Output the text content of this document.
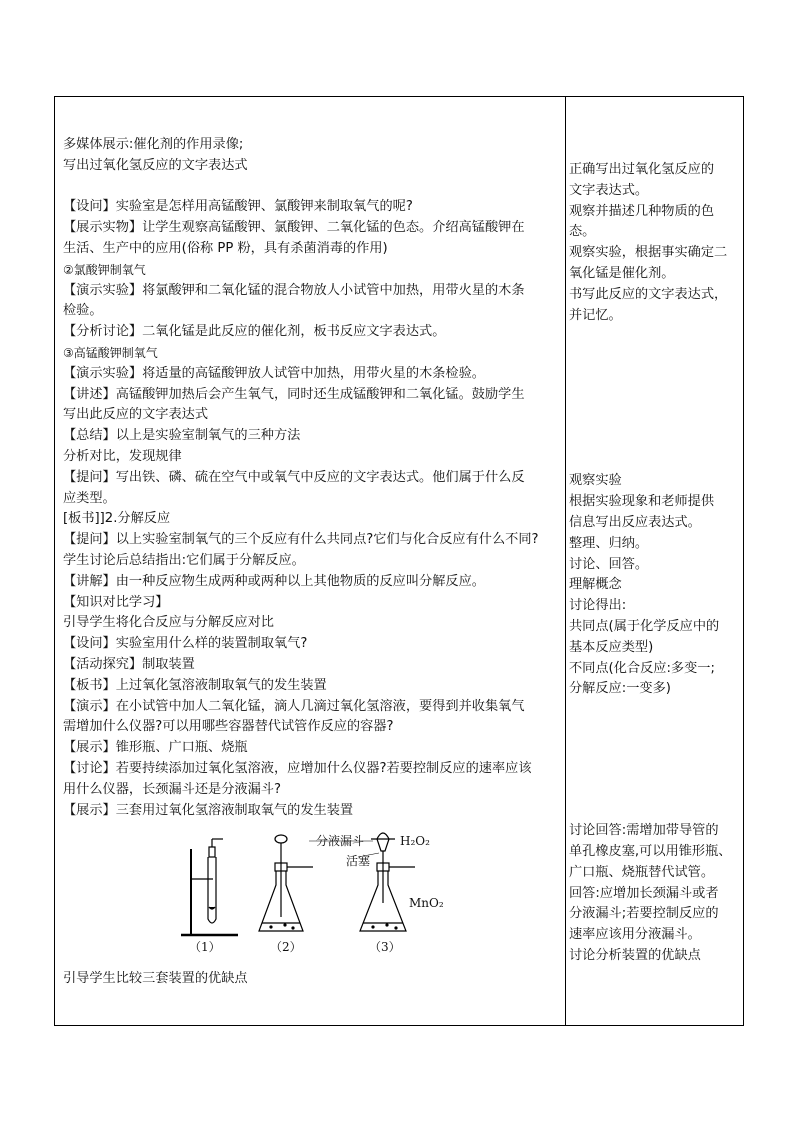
多媒体展示:催化剂的作用录像;
写出过氧化氢反应的文字表达式
【设问】实验室是怎样用高锰酸钾、氯酸钾来制取氧气的呢?
【展示实物】让学生观察高锰酸钾、氯酸钾、二氧化锰的色态。介绍高锰酸钾在
生活、生产中的应用(俗称 PP 粉，具有杀菌消毒的作用)
②氯酸钾制氧气
【演示实验】将氯酸钾和二氧化锰的混合物放人小试管中加热，用带火星的木条
检验。
【分析讨论】二氧化锰是此反应的催化剂，板书反应文字表达式。
③高锰酸钾制氧气
【演示实验】将适量的高锰酸钾放人试管中加热，用带火星的木条检验。
【讲述】高锰酸钾加热后会产生氧气，同时还生成锰酸钾和二氧化锰。鼓励学生
写出此反应的文字表达式
【总结】以上是实验室制氧气的三种方法
分析对比，发现规律
【提问】写出铁、磷、硫在空气中或氧气中反应的文字表达式。他们属于什么反
应类型。
[板书]]2.分解反应
【提问】以上实验室制氧气的三个反应有什么共同点?它们与化合反应有什么不同?
学生讨论后总结指出:它们属于分解反应。
【讲解】由一种反应物生成两种或两种以上其他物质的反应叫分解反应。
【知识对比学习】
引导学生将化合反应与分解反应对比
【设问】实验室用什么样的装置制取氧气?
【活动探究】制取装置
【板书】上过氧化氢溶液制取氧气的发生装置
【演示】在小试管中加人二氧化锰，滴人几滴过氧化氢溶液，要得到并收集氧气
需增加什么仪器?可以用哪些容器替代试管作反应的容器?
【展示】锥形瓶、广口瓶、烧瓶
【讨论】若要持续添加过氧化氢溶液，应增加什么仪器?若要控制反应的速率应该
用什么仪器，长颈漏斗还是分液漏斗?
【展示】三套用过氧化氢溶液制取氧气的发生装置
分液漏斗	H₂O₂
活塞
MnO₂
（1）	（2）	（3）
引导学生比较三套装置的优缺点
正确写出过氧化氢反应的
文字表达式。
观察并描述几种物质的色
态。
观察实验，根据事实确定二
氧化锰是催化剂。
书写此反应的文字表达式，
并记忆。
观察实验
根据实验现象和老师提供
信息写出反应表达式。
整理、归纳。
讨论、回答。
理解概念
讨论得出:
共同点(属于化学反应中的
基本反应类型)
不同点(化合反应:多变一;
分解反应:一变多)
讨论回答:需增加带导管的
单孔橡皮塞,可以用锥形瓶、
广口瓶、烧瓶替代试管。
回答:应增加长颈漏斗或者
分液漏斗;若要控制反应的
速率应该用分液漏斗。
讨论分析装置的优缺点
